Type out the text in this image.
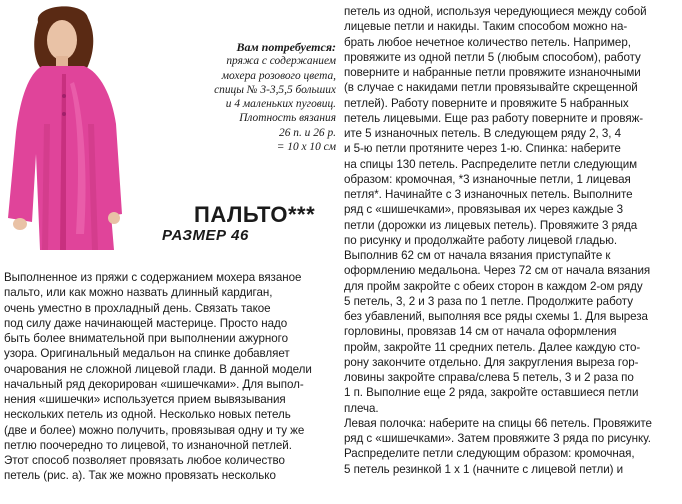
Вам потребуется:
пряжа с содержанием
мохера розового цвета,
спицы № 3-3,5,5 больших
и 4 маленьких пуговиц.
Плотность вязания
26 п. и 26 р.
= 10 х 10 см
ПАЛЬТО***
РАЗМЕР 46
Выполненное из пряжи с содержанием мохера вязаное
пальто, или как можно назвать длинный кардиган,
очень уместно в прохладный день. Связать такое
под силу даже начинающей мастерице. Просто надо
быть более внимательной при выполнении ажурного
узора. Оригинальный медальон на спинке добавляет
очарования не сложной лицевой глади. В данной модели
начальный ряд декорирован «шишечками». Для выпол-
нения «шишечки» используется прием вывязывания
нескольких петель из одной. Несколько новых петель
(две и более) можно получить, провязывая одну и ту же
петлю поочередно то лицевой, то изнаночной петлей.
Этот способ позволяет провязать любое количество
петель (рис. а). Так же можно провязать несколько
петель из одной, используя чередующиеся между собой
лицевые петли и накиды. Таким способом можно на-
брать любое нечетное количество петель. Например,
провяжите из одной петли 5 (любым способом), работу
поверните и набранные петли провяжите изнаночными
(в случае с накидами петли провязывайте скрещенной
петлей). Работу поверните и провяжите 5 набранных
петель лицевыми. Еще раз работу поверните и провяж-
ите 5 изнаночных петель. В следующем ряду 2, 3, 4
и 5-ю петли протяните через 1-ю. Спинка: наберите
на спицы 130 петель. Распределите петли следующим
образом: кромочная, *3 изнаночные петли, 1 лицевая
петля*. Начинайте с 3 изнаночных петель. Выполните
ряд с «шишечками», провязывая их через каждые 3
петли (дорожки из лицевых петель). Провяжите 3 ряда
по рисунку и продолжайте работу лицевой гладью.
Выполнив 62 см от начала вязания приступайте к
оформлению медальона. Через 72 см от начала вязания
для пройм закройте с обеих сторон в каждом 2-ом ряду
5 петель, 3, 2 и 3 раза по 1 петле. Продолжите работу
без убавлений, выполняя все ряды схемы 1. Для выреза
горловины, провязав 14 см от начала оформления
пройм, закройте 11 средних петель. Далее каждую сто-
рону закончите отдельно. Для закругления выреза гор-
ловины закройте справа/слева 5 петель, 3 и 2 раза по
1 п. Выполние еще 2 ряда, закройте оставшиеся петли
плеча.
Левая полочка: наберите на спицы 66 петель. Провяжите
ряд с «шишечками». Затем провяжите 3 ряда по рисунку.
Распределите петли следующим образом: кромочная,
5 петель резинкой 1 х 1 (начните с лицевой петли) и
